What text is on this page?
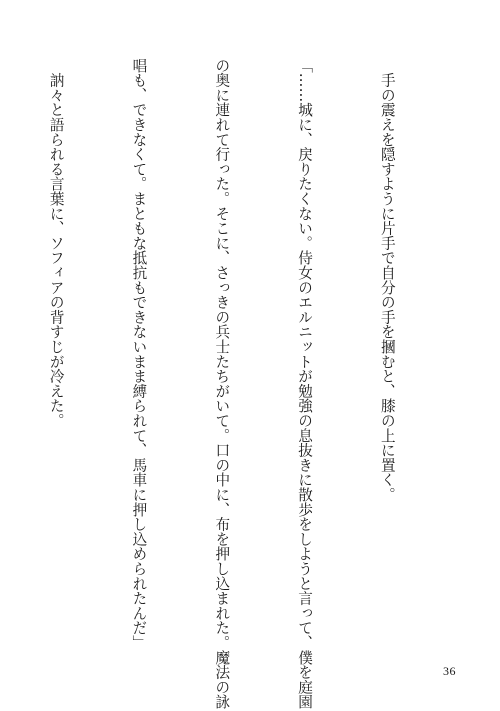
　手の震えを隠すように片手で自分の手を摑むと、膝の上に置く。

「……城に、戻りたくない。侍女のエルニットが勉強の息抜きに散歩をしようと言って、僕を庭園

の奥に連れて行った。そこに、さっきの兵士たちがいて。口の中に、布を押し込まれた。魔法の詠

唱も、できなくて。まともな抵抗もできないまま縛られて、馬車に押し込められたんだ」

　訥々と語られる言葉に、ソフィアの背すじが冷えた。

36
